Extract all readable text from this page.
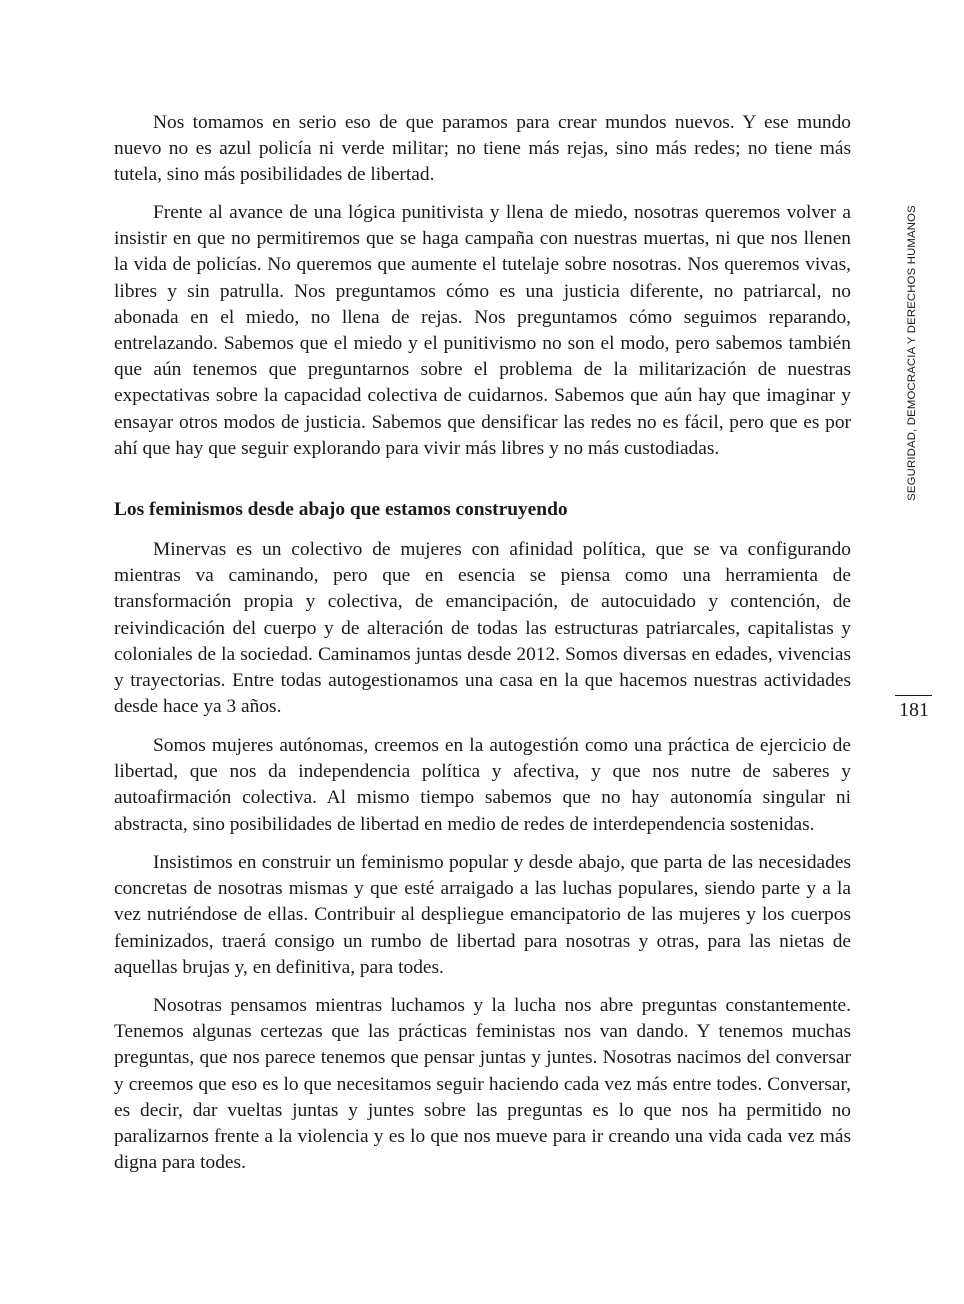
Nos tomamos en serio eso de que paramos para crear mundos nuevos. Y ese mundo nuevo no es azul policía ni verde militar; no tiene más rejas, sino más redes; no tiene más tutela, sino más posibilidades de libertad.

Frente al avance de una lógica punitivista y llena de miedo, nosotras queremos volver a insistir en que no permitiremos que se haga campaña con nuestras muertas, ni que nos llenen la vida de policías. No queremos que aumente el tutelaje sobre nosotras. Nos queremos vivas, libres y sin patrulla. Nos preguntamos cómo es una justicia diferente, no patriarcal, no abonada en el miedo, no llena de rejas. Nos preguntamos cómo seguimos reparando, entrelazando. Sabemos que el miedo y el punitivismo no son el modo, pero sabemos también que aún tenemos que preguntarnos sobre el problema de la militarización de nuestras expectativas sobre la capacidad colectiva de cuidarnos. Sabemos que aún hay que imaginar y ensayar otros modos de justicia. Sabemos que densificar las redes no es fácil, pero que es por ahí que hay que seguir explorando para vivir más libres y no más custodiadas.

Los feminismos desde abajo que estamos construyendo

Minervas es un colectivo de mujeres con afinidad política, que se va configurando mientras va caminando, pero que en esencia se piensa como una herramienta de transformación propia y colectiva, de emancipación, de autocuidado y contención, de reivindicación del cuerpo y de alteración de todas las estructuras patriarcales, capitalistas y coloniales de la sociedad. Caminamos juntas desde 2012. Somos diversas en edades, vivencias y trayectorias. Entre todas autogestionamos una casa en la que hacemos nuestras actividades desde hace ya 3 años.

Somos mujeres autónomas, creemos en la autogestión como una práctica de ejercicio de libertad, que nos da independencia política y afectiva, y que nos nutre de saberes y autoafirmación colectiva. Al mismo tiempo sabemos que no hay autonomía singular ni abstracta, sino posibilidades de libertad en medio de redes de interdependencia sostenidas.

Insistimos en construir un feminismo popular y desde abajo, que parta de las necesidades concretas de nosotras mismas y que esté arraigado a las luchas populares, siendo parte y a la vez nutriéndose de ellas. Contribuir al despliegue emancipatorio de las mujeres y los cuerpos feminizados, traerá consigo un rumbo de libertad para nosotras y otras, para las nietas de aquellas brujas y, en definitiva, para todes.

Nosotras pensamos mientras luchamos y la lucha nos abre preguntas constantemente. Tenemos algunas certezas que las prácticas feministas nos van dando. Y tenemos muchas preguntas, que nos parece tenemos que pensar juntas y juntes. Nosotras nacimos del conversar y creemos que eso es lo que necesitamos seguir haciendo cada vez más entre todes. Conversar, es decir, dar vueltas juntas y juntes sobre las preguntas es lo que nos ha permitido no paralizarnos frente a la violencia y es lo que nos mueve para ir creando una vida cada vez más digna para todes.

SEGURIDAD, DEMOCRACIA Y DERECHOS HUMANOS
181
